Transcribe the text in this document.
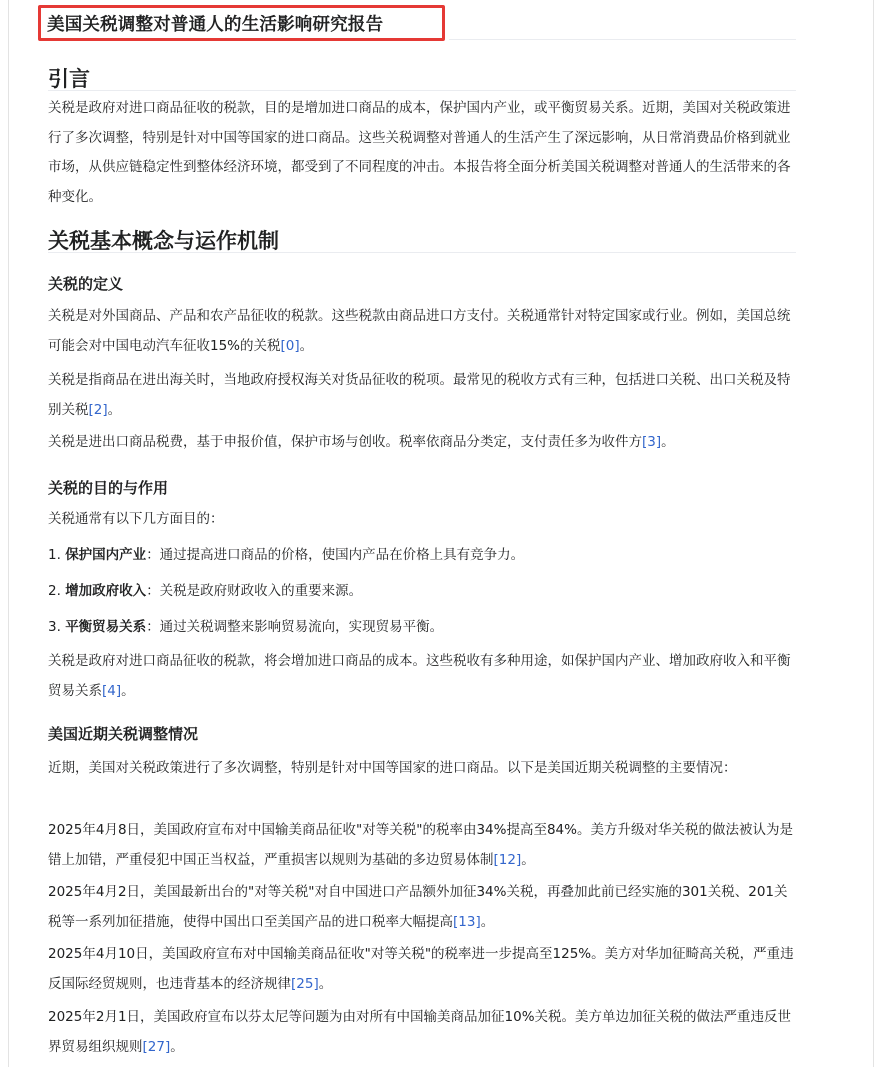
美国关税调整对普通人的生活影响研究报告
引言

关税是政府对进口商品征收的税款，目的是增加进口商品的成本，保护国内产业，或平衡贸易关系。近期，美国对关税政策进行了多次调整，特别是针对中国等国家的进口商品。这些关税调整对普通人的生活产生了深远影响，从日常消费品价格到就业市场，从供应链稳定性到整体经济环境，都受到了不同程度的冲击。本报告将全面分析美国关税调整对普通人的生活带来的各种变化。

关税基本概念与运作机制
关税的定义

关税是对外国商品、产品和农产品征收的税款。这些税款由商品进口方支付。关税通常针对特定国家或行业。例如，美国总统可能会对中国电动汽车征收15%的关税[0]。

关税是指商品在进出海关时，当地政府授权海关对货品征收的税项。最常见的税收方式有三种，包括进口关税、出口关税及特别关税[2]。

关税是进出口商品税费，基于申报价值，保护市场与创收。税率依商品分类定，支付责任多为收件方[3]。

关税的目的与作用

关税通常有以下几方面目的：

1. 保护国内产业：通过提高进口商品的价格，使国内产品在价格上具有竞争力。

2. 增加政府收入：关税是政府财政收入的重要来源。

3. 平衡贸易关系：通过关税调整来影响贸易流向，实现贸易平衡。

关税是政府对进口商品征收的税款，将会增加进口商品的成本。这些税收有多种用途，如保护国内产业、增加政府收入和平衡贸易关系[4]。

美国近期关税调整情况

近期，美国对关税政策进行了多次调整，特别是针对中国等国家的进口商品。以下是美国近期关税调整的主要情况：

2025年4月8日，美国政府宣布对中国输美商品征收"对等关税"的税率由34%提高至84%。美方升级对华关税的做法被认为是错上加错，严重侵犯中国正当权益，严重损害以规则为基础的多边贸易体制[12]。

2025年4月2日，美国最新出台的"对等关税"对自中国进口产品额外加征34%关税，再叠加此前已经实施的301关税、201关税等一系列加征措施，使得中国出口至美国产品的进口税率大幅提高[13]。

2025年4月10日，美国政府宣布对中国输美商品征收"对等关税"的税率进一步提高至125%。美方对华加征畸高关税，严重违反国际经贸规则，也违背基本的经济规律[25]。

2025年2月1日，美国政府宣布以芬太尼等问题为由对所有中国输美商品加征10%关税。美方单边加征关税的做法严重违反世界贸易组织规则[27]。
